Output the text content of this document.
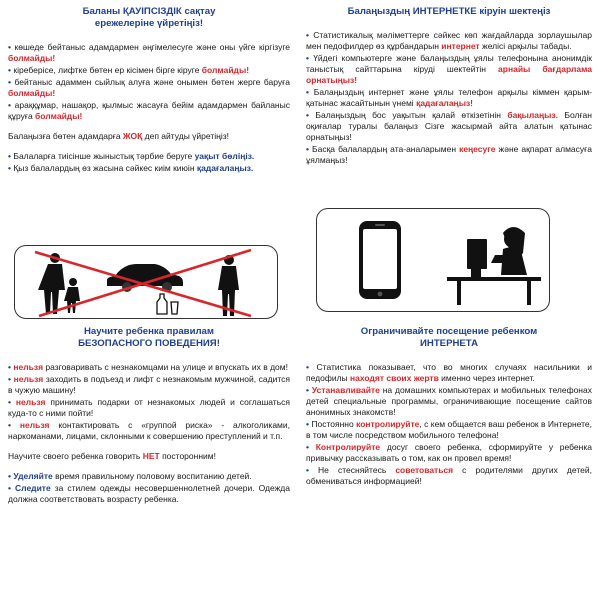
Баланы ҚАУІПСІЗДІК сақтау
ережелеріне үйретіңіз!
• көшеде бейтаныс адамдармен әңгімелесуге және оны үйге кіргізуге болмайды!
• кіреберісе, лифтке бөтен ер кісімен бірге кіруге болмайды!
• бейтаныс адаммен сыйлық алуға және онымен бөтен жерге баруға болмайды!
• араққұмар, нашақор, қылмыс жасауға бейім адамдармен байланыс құруға болмайды!
Балаңызға бөтен адамдарға ЖОҚ деп айтуды үйретіңіз!
• Балаларға тиісінше жыныстық тәрбие беруге уақыт бөліңіз.
• Қыз балалардың өз жасына сәйкес киім киюін қадағалаңыз.
Балаңыздың ИНТЕРНЕТКЕ кіруін шектеңіз
• Статистикалық мәліметтерге сәйкес көп жағдайларда зорлаушылар мен педофилдер өз құрбандарын интернет желісі арқылы табады.
• Үйдегі компьютерге және балаңыздың ұялы телефонына анонимдік таныстық сайттарына кіруді шектейтін арнайы бағдарлама орнатыңыз!
• Балаңыздың интернет және ұялы телефон арқылы кіммен қарым-қатынас жасайтынын үнемі қадағалаңыз!
• Балаңыздың бос уақытын қалай өткізетінін бақылаңыз. Болған оқиғалар туралы балаңыз Сізге жасырмай айта алатын қатынас орнатыңыз!
• Басқа балалардың ата-аналарымен кеңесуге және ақпарат алмасуға ұялмаңыз!
Научите ребенка правилам
БЕЗОПАСНОГО ПОВЕДЕНИЯ!
• нельзя разговаривать с незнакомцами на улице и впускать их в дом!
• нельзя заходить в подъезд и лифт с незнакомым мужчиной, садится в чужую машину!
• нельзя принимать подарки от незнакомых людей и соглашаться куда-то с ними пойти!
• нельзя контактировать с «группой риска» - алкоголиками, наркоманами, лицами, склонными к совершению преступлений и т.п.
Научите своего ребенка говорить НЕТ посторонним!
• Уделяйте время правильному половому воспитанию детей.
• Следите за стилем одежды несовершеннолетней дочери. Одежда должна соответствовать возрасту ребенка.
Ограничивайте посещение ребенком
ИНТЕРНЕТА
• Статистика показывает, что во многих случаях насильники и педофилы находят своих жертв именно через интернет.
• Устанавливайте на домашних компьютерах и мобильных телефонах детей специальные программы, ограничивающие посещение сайтов анонимных знакомств!
• Постоянно контролируйте, с кем общается ваш ребенок в Интернете, в том числе посредством мобильного телефона!
• Контролируйте досуг своего ребенка, сформируйте у ребенка привычку рассказывать о том, как он провел время!
• Не стесняйтесь советоваться с родителями других детей, обмениваться информацией!
